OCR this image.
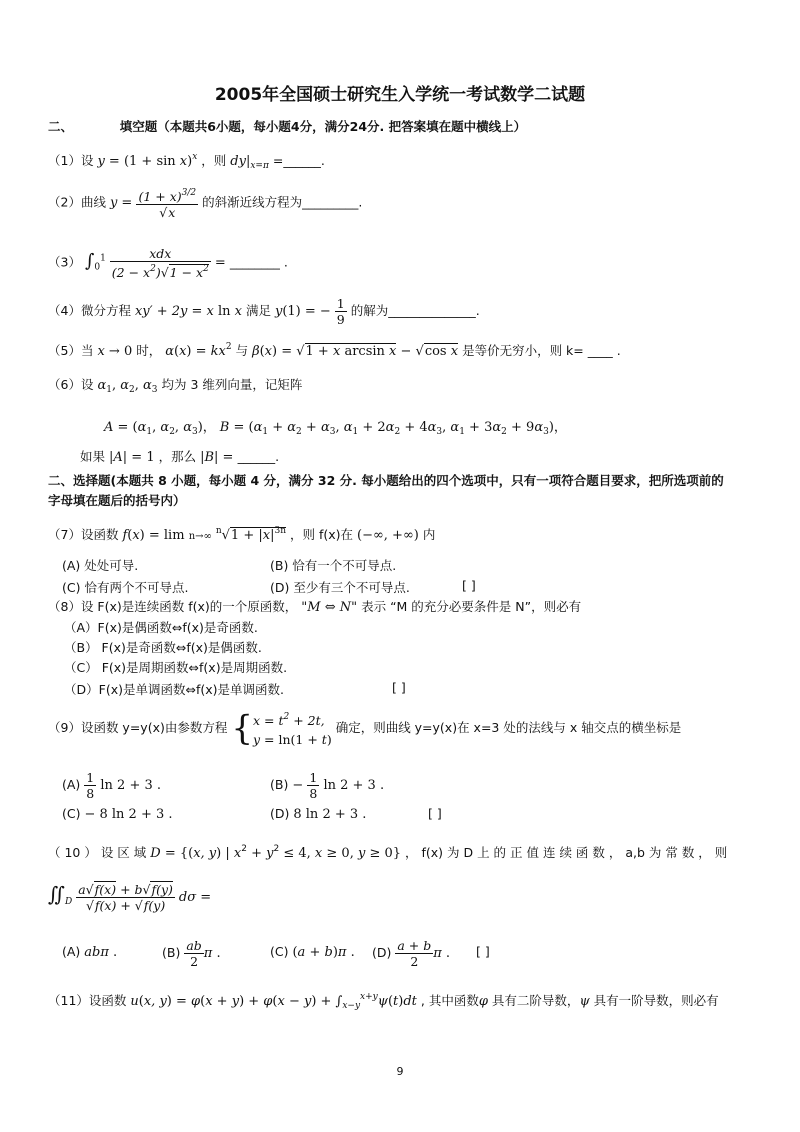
2005年全国硕士研究生入学统一考试数学二试题
二、	填空题（本题共6小题，每小题4分，满分24分. 把答案填在题中横线上）
（1）设 $y = (1 + \sin x)^x$ ，则 $dy|_{x=\pi}$ =______.
（2）曲线 $y = \frac{(1 + x)^{3/2}}{√x}$ 的斜渐近线方程为_________.
（3） $\int_0^1 \frac{\text{xdx}}{(2 - x^2)√1 - x^2}$ = ________ .
（4）微分方程 xy′ + 2y = x ln x 满足 y(1) = − $\frac{1}{9}$ 的解为______________.
（5）当 x → 0 时， $\alpha(x) = kx^2$ 与 β(x) = √1 + x arcsin x − √cos x 是等价无穷小，则 k= ____ .
（6）设 $\alpha_1$, $\alpha_2$, $\alpha_3$ 均为 3 维列向量，记矩阵
$A = (\alpha_1$, $\alpha_2$, $\alpha_3$)， $B = (\alpha_1 + \alpha_2 + \alpha_3$, $\alpha_1 + 2\alpha_2 + 4\alpha_3$, $\alpha_1 + 3\alpha_2 + 9\alpha_3$)，
如果 |A| = 1 ，那么 |B| = ______.
二、选择题(本题共 8 小题，每小题 4 分，满分 32 分. 每小题给出的四个选项中，只有一项符合题目要求，把所选项前的
字母填在题后的括号内）
（7）设函数 f(x) = lim n→∞ $^n√1 + |x|^{3n}$ ，则 f(x)在 (−∞, +∞) 内
(A) 处处可导.	(B) 恰有一个不可导点.
(C) 恰有两个不可导点.	(D) 至少有三个不可导点.	[ ]
（8）设 F(x)是连续函数 f(x)的一个原函数， "M ⇔ N" 表示 “M 的充分必要条件是 N”，则必有
（A）F(x)是偶函数⇔f(x)是奇函数.
（B） F(x)是奇函数⇔f(x)是偶函数.
（C） F(x)是周期函数⇔f(x)是周期函数.
（D）F(x)是单调函数⇔f(x)是单调函数.	[ ]
（9）设函数 y=y(x)由参数方程 {$x = t^2 + 2t$,
y = ln(1 + t) 确定，则曲线 y=y(x)在 x=3 处的法线与 x 轴交点的横坐标是
$(A) \frac{1}{8}$ ln 2 + 3 .	$(B) - \frac{1}{8}$ ln 2 + 3 .
(C) − 8 ln 2 + 3 .	(D) 8 ln 2 + 3 .	[ ]
（ 10 ） 设 区 域 D = {(x, y) | $x^2 + y^2 \le 4$, x ≥ 0, y ≥ 0} ， f(x) 为 D 上 的 正 值 连 续 函 数 ， a,b 为 常 数 ， 则
$∬_D \frac{a√f(x) + b√f(y)}{√f(x) + √f(y)}$ dσ =
(A) abπ .	$(B) \frac{ab}{2}$ π .	(C) (a + b)π . $(D) \frac{a + b}{2}$ π . [ ]
（11）设函数 u(x, $y) = \varphi(x + y) + \varphi(x - y) + \int_{x-y}^{x+y}\psi(t)dt$ , 其中函数φ 具有二阶导数，ψ 具有一阶导数，则必有
9
